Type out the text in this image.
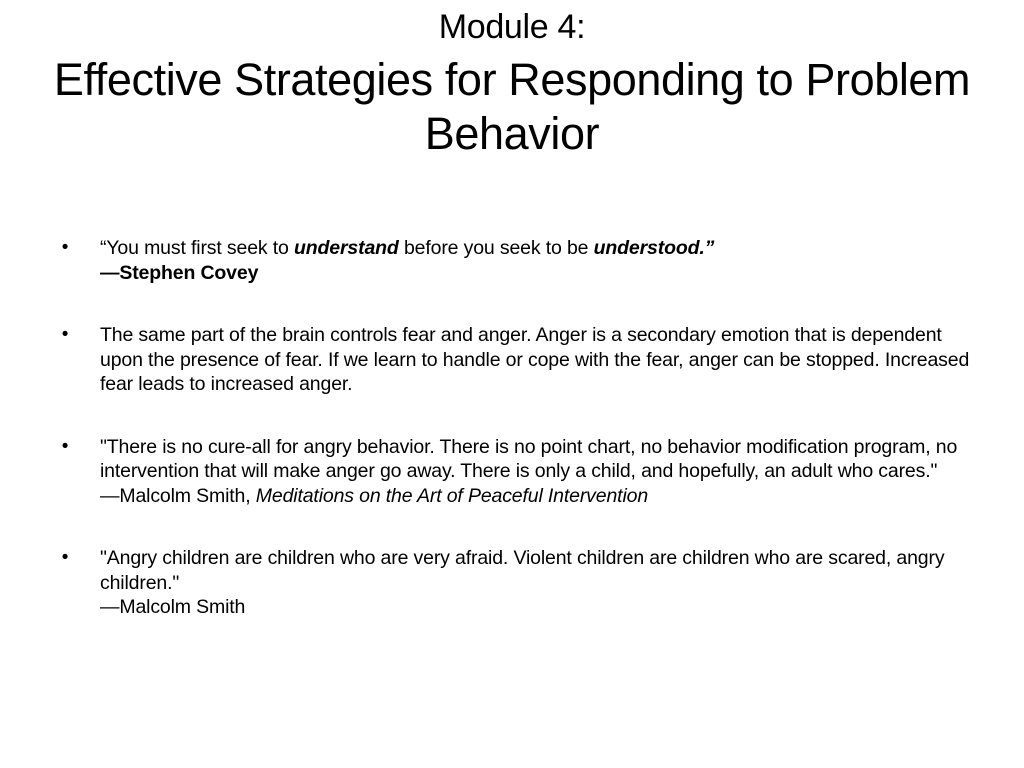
Module 4:
Effective Strategies for Responding to Problem Behavior
• “You must first seek to understand before you seek to be understood.”
—Stephen Covey
• The same part of the brain controls fear and anger. Anger is a secondary emotion that is dependent upon the presence of fear. If we learn to handle or cope with the fear, anger can be stopped. Increased fear leads to increased anger.
• "There is no cure-all for angry behavior. There is no point chart, no behavior modification program, no intervention that will make anger go away. There is only a child, and hopefully, an adult who cares."
—Malcolm Smith, Meditations on the Art of Peaceful Intervention
• "Angry children are children who are very afraid. Violent children are children who are scared, angry children."
—Malcolm Smith
